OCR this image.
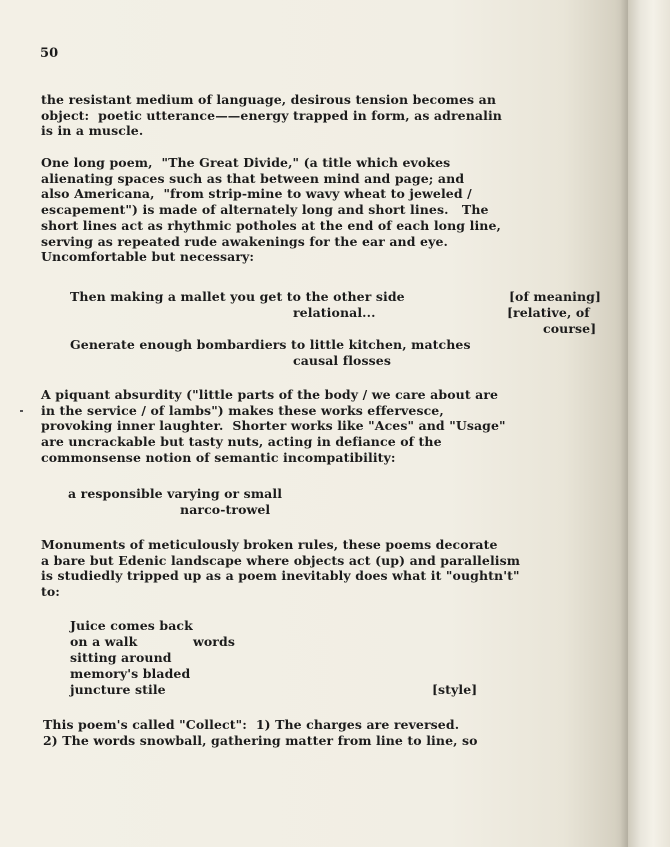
50

the resistant medium of language, desirous tension becomes an
object:  poetic utterance——energy trapped in form, as adrenalin
is in a muscle.

One long poem,  "The Great Divide," (a title which evokes
alienating spaces such as that between mind and page; and
also Americana,  "from strip-mine to wavy wheat to jeweled /
escapement") is made of alternately long and short lines.   The
short lines act as rhythmic potholes at the end of each long line,
serving as repeated rude awakenings for the ear and eye.
Uncomfortable but necessary:

Then making a mallet you get to the other side

relational...

Generate enough bombardiers to little kitchen, matches

causal flosses

[of meaning]

[relative, of

course]

A piquant absurdity ("little parts of the body / we care about are
in the service / of lambs") makes these works effervesce,
provoking inner laughter.  Shorter works like "Aces" and "Usage"
are uncrackable but tasty nuts, acting in defiance of the
commonsense notion of semantic incompatibility:

a responsible varying or small

narco-trowel

Monuments of meticulously broken rules, these poems decorate
a bare but Edenic landscape where objects act (up) and parallelism
is studiedly tripped up as a poem inevitably does what it "oughtn't"
to:

Juice comes back

on a walk	words

sitting around

memory's bladed

juncture stile	[style]

This poem's called "Collect":  1) The charges are reversed.
2) The words snowball, gathering matter from line to line, so
